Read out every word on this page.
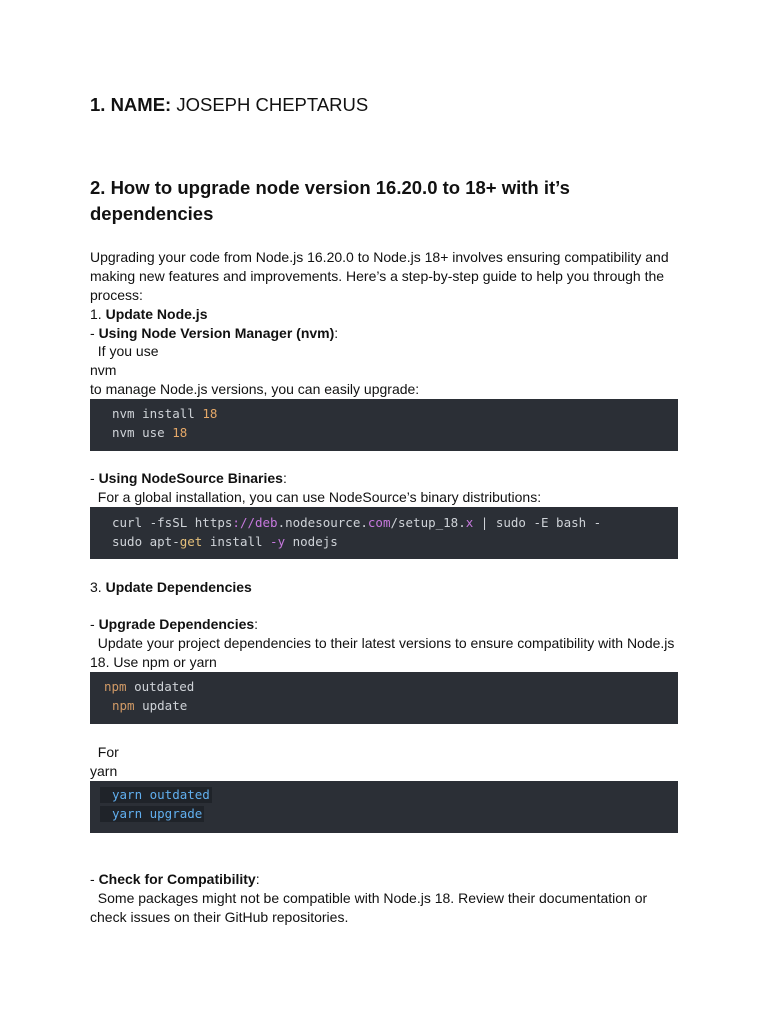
1. NAME: JOSEPH CHEPTARUS
2. How to upgrade node version 16.20.0 to 18+ with it’s dependencies
Upgrading your code from Node.js 16.20.0 to Node.js 18+ involves ensuring compatibility and
making new features and improvements. Here’s a step-by-step guide to help you through the
process:
1. Update Node.js
- Using Node Version Manager (nvm):
If you use
nvm
to manage Node.js versions, you can easily upgrade:
nvm install 18
nvm use 18
- Using NodeSource Binaries:
For a global installation, you can use NodeSource’s binary distributions:
curl -fsSL https://deb.nodesource.com/setup_18.x | sudo -E bash -
sudo apt-get install -y nodejs
3. Update Dependencies
- Upgrade Dependencies:
Update your project dependencies to their latest versions to ensure compatibility with Node.js
18. Use npm or yarn
npm outdated
npm update
For
yarn
yarn outdated
yarn upgrade
- Check for Compatibility:
Some packages might not be compatible with Node.js 18. Review their documentation or
check issues on their GitHub repositories.
